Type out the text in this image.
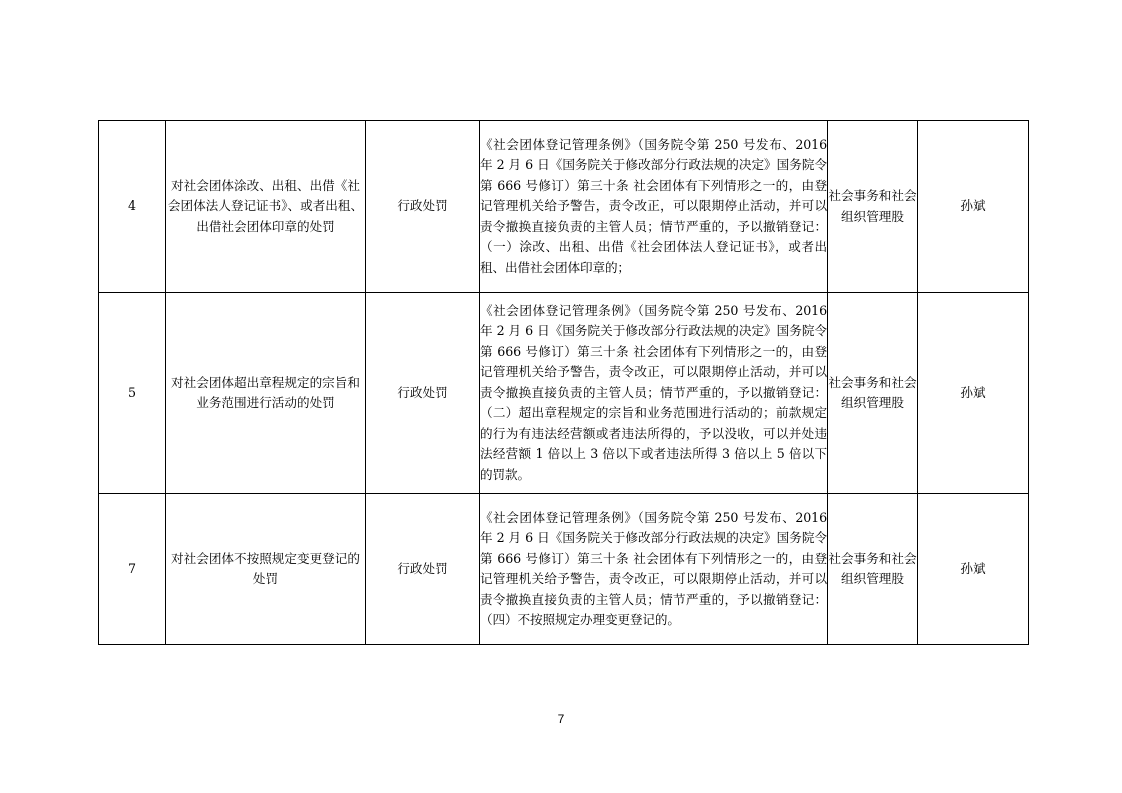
4	对社会团体涂改、出租、出借《社会团体法人登记证书》、或者出租、出借社会团体印章的处罚	行政处罚	《社会团体登记管理条例》（国务院令第 250 号发布、2016 年 2 月 6 日《国务院关于修改部分行政法规的决定》国务院令第 666 号修订）第三十条 社会团体有下列情形之一的，由登记管理机关给予警告，责令改正，可以限期停止活动，并可以责令撤换直接负责的主管人员；情节严重的，予以撤销登记：（一）涂改、出租、出借《社会团体法人登记证书》，或者出租、出借社会团体印章的；	社会事务和社会组织管理股	孙斌
5	对社会团体超出章程规定的宗旨和业务范围进行活动的处罚	行政处罚	《社会团体登记管理条例》（国务院令第 250 号发布、2016 年 2 月 6 日《国务院关于修改部分行政法规的决定》国务院令第 666 号修订）第三十条 社会团体有下列情形之一的，由登记管理机关给予警告，责令改正，可以限期停止活动，并可以责令撤换直接负责的主管人员；情节严重的，予以撤销登记：（二）超出章程规定的宗旨和业务范围进行活动的；前款规定的行为有违法经营额或者违法所得的，予以没收，可以并处违法经营额 1 倍以上 3 倍以下或者违法所得 3 倍以上 5 倍以下的罚款。	社会事务和社会组织管理股	孙斌
7	对社会团体不按照规定变更登记的处罚	行政处罚	《社会团体登记管理条例》（国务院令第 250 号发布、2016 年 2 月 6 日《国务院关于修改部分行政法规的决定》国务院令第 666 号修订）第三十条 社会团体有下列情形之一的，由登记管理机关给予警告，责令改正，可以限期停止活动，并可以责令撤换直接负责的主管人员；情节严重的，予以撤销登记：（四）不按照规定办理变更登记的。	社会事务和社会组织管理股	孙斌
7
